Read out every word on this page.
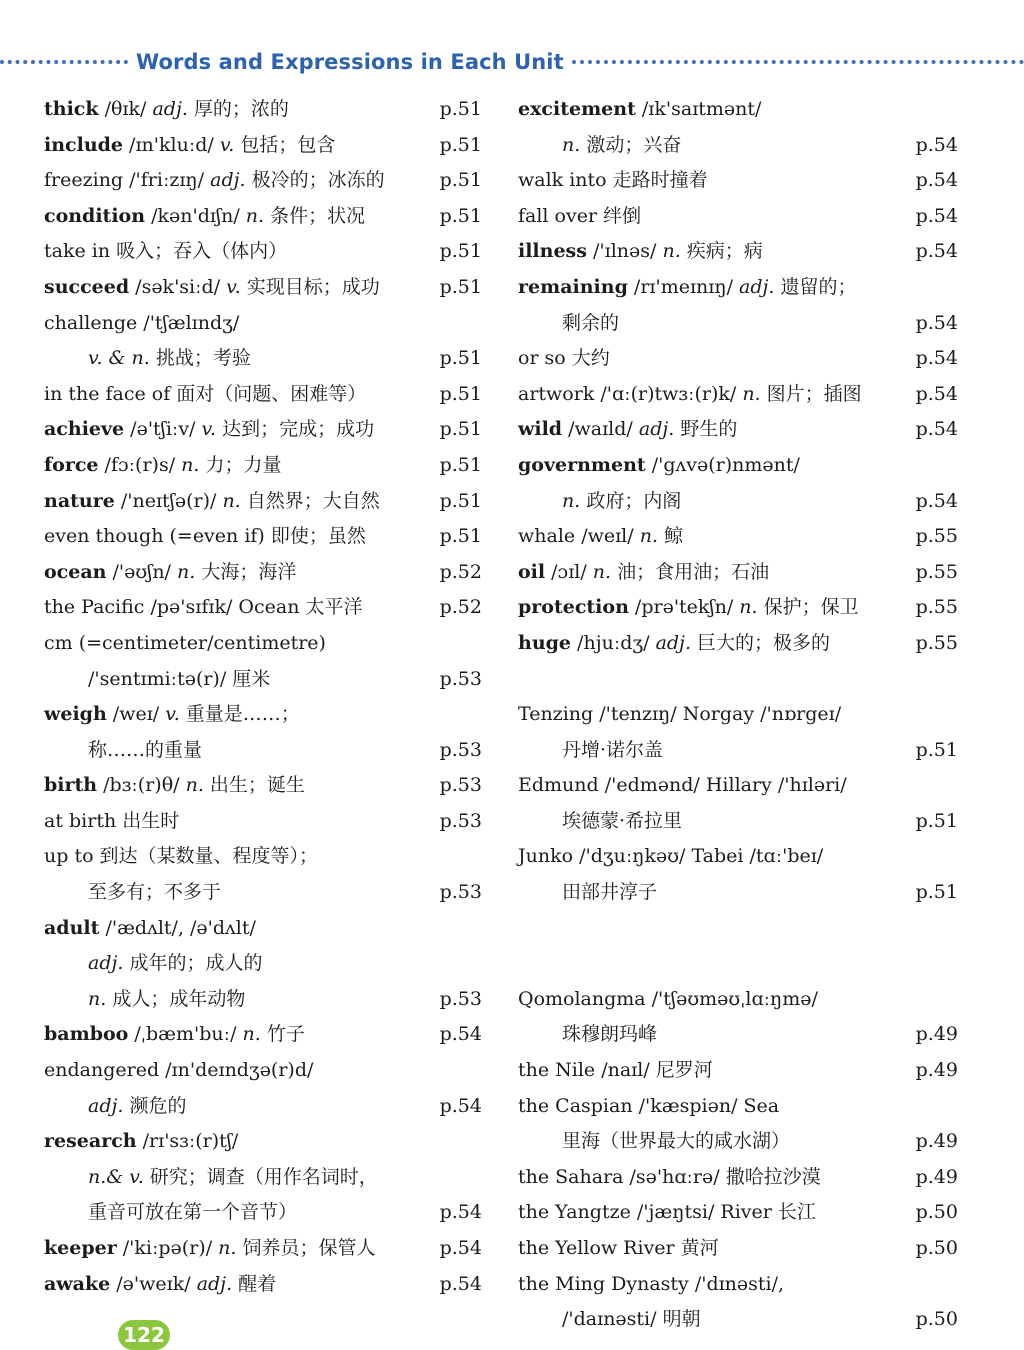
Words and Expressions in Each Unit
thick /θɪk/ adj. 厚的；浓的	p.51
include /ɪn'kluːd/ v. 包括；包含	p.51
freezing /'friːzɪŋ/ adj. 极冷的；冰冻的	p.51
condition /kən'dɪʃn/ n. 条件；状况	p.51
take in 吸入；吞入（体内）	p.51
succeed /sək'siːd/ v. 实现目标；成功	p.51
challenge /'tʃælɪndʒ/
v. & n. 挑战；考验	p.51
in the face of 面对（问题、困难等）	p.51
achieve /ə'tʃiːv/ v. 达到；完成；成功	p.51
force /fɔː(r)s/ n. 力；力量	p.51
nature /'neɪtʃə(r)/ n. 自然界；大自然	p.51
even though (=even if) 即使；虽然	p.51
ocean /'əʊʃn/ n. 大海；海洋	p.52
the Pacific /pə'sɪfɪk/ Ocean 太平洋	p.52
cm (=centimeter/centimetre)
/'sentɪmiːtə(r)/ 厘米	p.53
weigh /weɪ/ v. 重量是……；
称……的重量	p.53
birth /bɜː(r)θ/ n. 出生；诞生	p.53
at birth 出生时	p.53
up to 到达（某数量、程度等）；
至多有；不多于	p.53
adult /'ædʌlt/, /ə'dʌlt/
adj. 成年的；成人的
n. 成人；成年动物	p.53
bamboo /ˌbæm'buː/ n. 竹子	p.54
endangered /ɪn'deɪndʒə(r)d/
adj. 濒危的	p.54
research /rɪ'sɜː(r)tʃ/
n.& v. 研究；调查（用作名词时，
重音可放在第一个音节）	p.54
keeper /'kiːpə(r)/ n. 饲养员；保管人	p.54
awake /ə'weɪk/ adj. 醒着	p.54
excitement /ɪk'saɪtmənt/
n. 激动；兴奋	p.54
walk into 走路时撞着	p.54
fall over 绊倒	p.54
illness /'ɪlnəs/ n. 疾病；病	p.54
remaining /rɪ'meɪnɪŋ/ adj. 遗留的；
剩余的	p.54
or so 大约	p.54
artwork /'ɑː(r)twɜː(r)k/ n. 图片；插图	p.54
wild /waɪld/ adj. 野生的	p.54
government /'gʌvə(r)nmənt/
n. 政府；内阁	p.54
whale /weɪl/ n. 鲸	p.55
oil /ɔɪl/ n. 油；食用油；石油	p.55
protection /prə'tekʃn/ n. 保护；保卫	p.55
huge /hjuːdʒ/ adj. 巨大的；极多的	p.55
Tenzing /'tenzɪŋ/ Norgay /'nɒrgeɪ/
丹增·诺尔盖	p.51
Edmund /'edmənd/ Hillary /'hɪləri/
埃德蒙·希拉里	p.51
Junko /'dʒuːŋkəʊ/ Tabei /tɑː'beɪ/
田部井淳子	p.51
Qomolangma /'tʃəʊməʊˌlɑːŋmə/
珠穆朗玛峰	p.49
the Nile /naɪl/ 尼罗河	p.49
the Caspian /'kæspiən/ Sea
里海（世界最大的咸水湖）	p.49
the Sahara /sə'hɑːrə/ 撒哈拉沙漠	p.49
the Yangtze /'jæŋtsi/ River 长江	p.50
the Yellow River 黄河	p.50
the Ming Dynasty /'dɪnəsti/,
/'daɪnəsti/ 明朝	p.50
122
